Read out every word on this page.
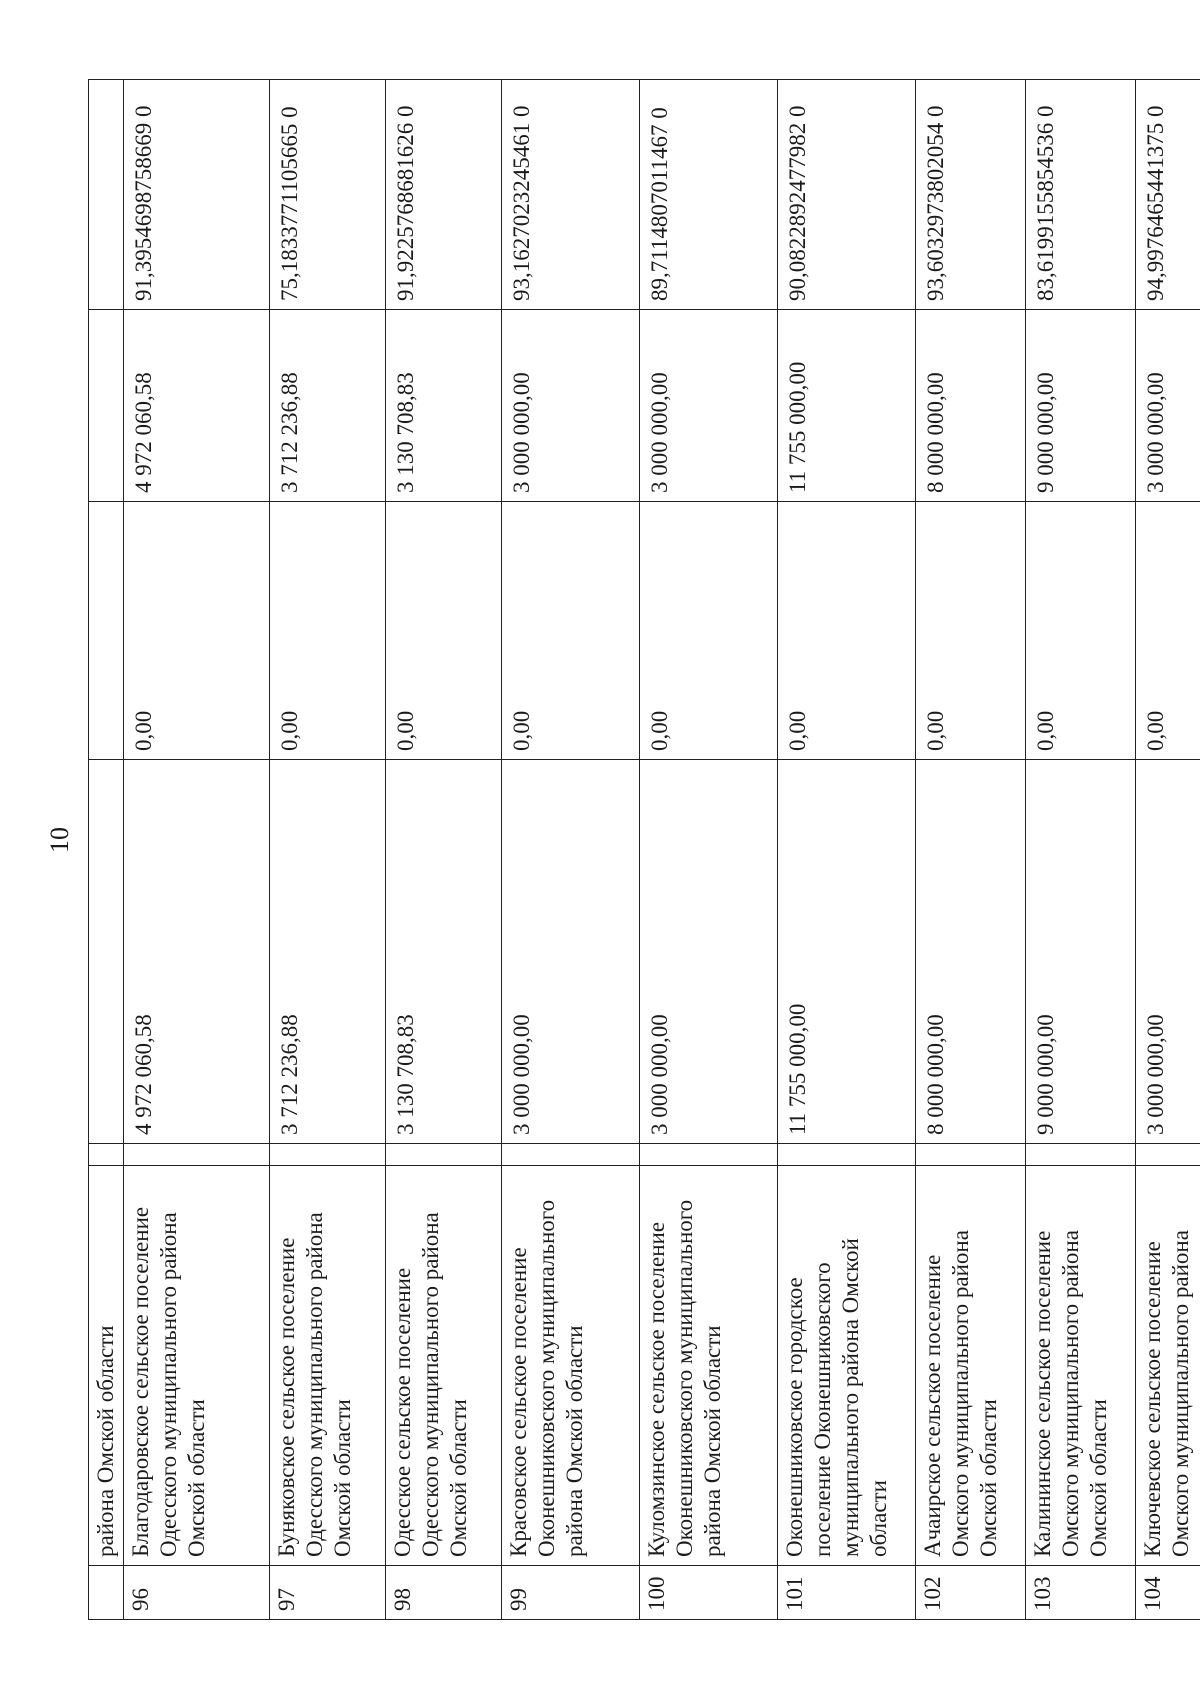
10
	района Омской области					
96	Благодаровское сельское поселение Одесского муниципального района Омской области		4 972 060,58	0,00	4 972 060,58	91,3954698758669 0
97	Буняковское сельское поселение Одесского муниципального района Омской области		3 712 236,88	0,00	3 712 236,88	75,1833771105665 0
98	Одесское сельское поселение Одесского муниципального района Омской области		3 130 708,83	0,00	3 130 708,83	91,9225768681626 0
99	Красовское сельское поселение Оконешниковского муниципального района Омской области		3 000 000,00	0,00	3 000 000,00	93,1627023245461 0
100	Куломзинское сельское поселение Оконешниковского муниципального района Омской области		3 000 000,00	0,00	3 000 000,00	89,7114807011467 0
101	Оконешниковское городское поселение Оконешниковского муниципального района Омской области		11 755 000,00	0,00	11 755 000,00	90,0822892477982 0
102	Ачаирское сельское поселение Омского муниципального района Омской области		8 000 000,00	0,00	8 000 000,00	93,6032973802054 0
103	Калининское сельское поселение Омского муниципального района Омской области		9 000 000,00	0,00	9 000 000,00	83,6199155854536 0
104	Ключевское сельское поселение Омского муниципального района		3 000 000,00	0,00	3 000 000,00	94,9976465441375 0
